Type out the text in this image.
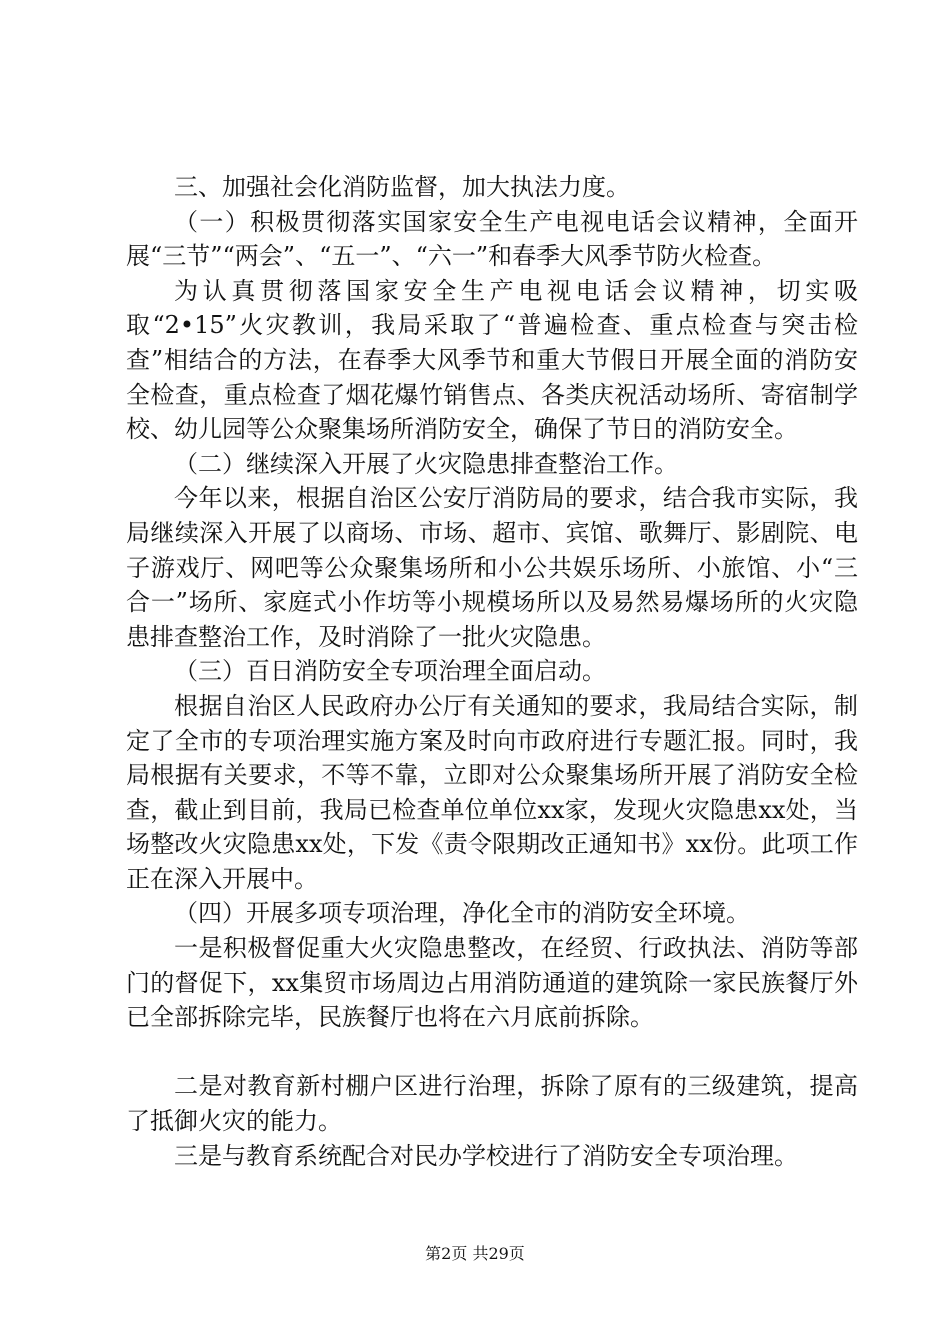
三、加强社会化消防监督，加大执法力度。

（一）积极贯彻落实国家安全生产电视电话会议精神，全面开展“三节”“两会”、“五一”、“六一”和春季大风季节防火检查。

为认真贯彻落国家安全生产电视电话会议精神，切实吸取“2•15”火灾教训，我局采取了“普遍检查、重点检查与突击检查”相结合的方法，在春季大风季节和重大节假日开展全面的消防安全检查，重点检查了烟花爆竹销售点、各类庆祝活动场所、寄宿制学校、幼儿园等公众聚集场所消防安全，确保了节日的消防安全。

（二）继续深入开展了火灾隐患排查整治工作。

今年以来，根据自治区公安厅消防局的要求，结合我市实际，我局继续深入开展了以商场、市场、超市、宾馆、歌舞厅、影剧院、电子游戏厅、网吧等公众聚集场所和小公共娱乐场所、小旅馆、小“三合一”场所、家庭式小作坊等小规模场所以及易然易爆场所的火灾隐患排查整治工作，及时消除了一批火灾隐患。

（三）百日消防安全专项治理全面启动。

根据自治区人民政府办公厅有关通知的要求，我局结合实际，制定了全市的专项治理实施方案及时向市政府进行专题汇报。同时，我局根据有关要求，不等不靠，立即对公众聚集场所开展了消防安全检查，截止到目前，我局已检查单位单位xx家，发现火灾隐患xx处，当场整改火灾隐患xx处，下发《责令限期改正通知书》xx份。此项工作正在深入开展中。

（四）开展多项专项治理，净化全市的消防安全环境。

一是积极督促重大火灾隐患整改，在经贸、行政执法、消防等部门的督促下，xx集贸市场周边占用消防通道的建筑除一家民族餐厅外已全部拆除完毕，民族餐厅也将在六月底前拆除。

二是对教育新村棚户区进行治理，拆除了原有的三级建筑，提高了抵御火灾的能力。

三是与教育系统配合对民办学校进行了消防安全专项治理。

第2页 共29页
